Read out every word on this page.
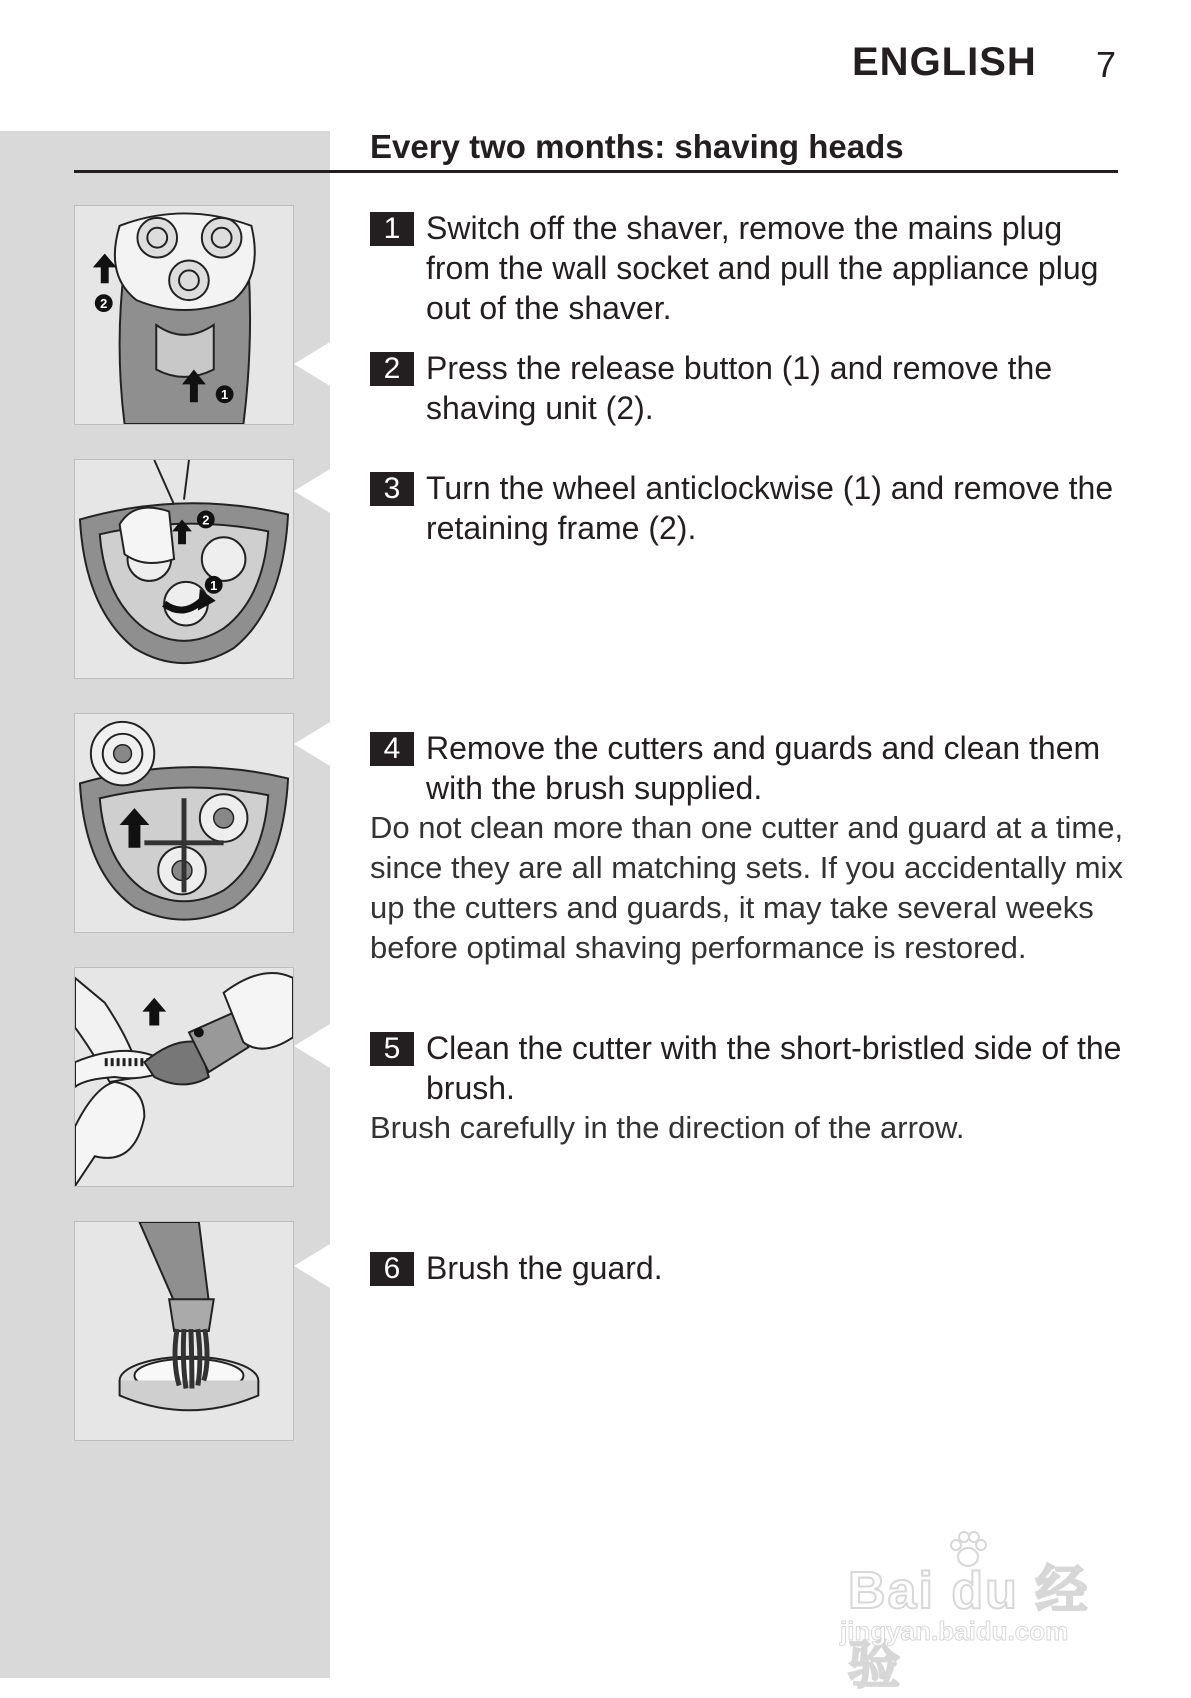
ENGLISH 7
Every two months: shaving heads
2
1
2
1
1 Switch off the shaver, remove the mains plug from the wall socket and pull the appliance plug out of the shaver.
2 Press the release button (1) and remove the shaving unit (2).
3 Turn the wheel anticlockwise (1) and remove the retaining frame (2).
4 Remove the cutters and guards and clean them with the brush supplied.
Do not clean more than one cutter and guard at a time, since they are all matching sets. If you accidentally mix up the cutters and guards, it may take several weeks before optimal shaving performance is restored.
5 Clean the cutter with the short-bristled side of the brush.
Brush carefully in the direction of the arrow.
6 Brush the guard.
Bai du 经验
jingyan.baidu.com
